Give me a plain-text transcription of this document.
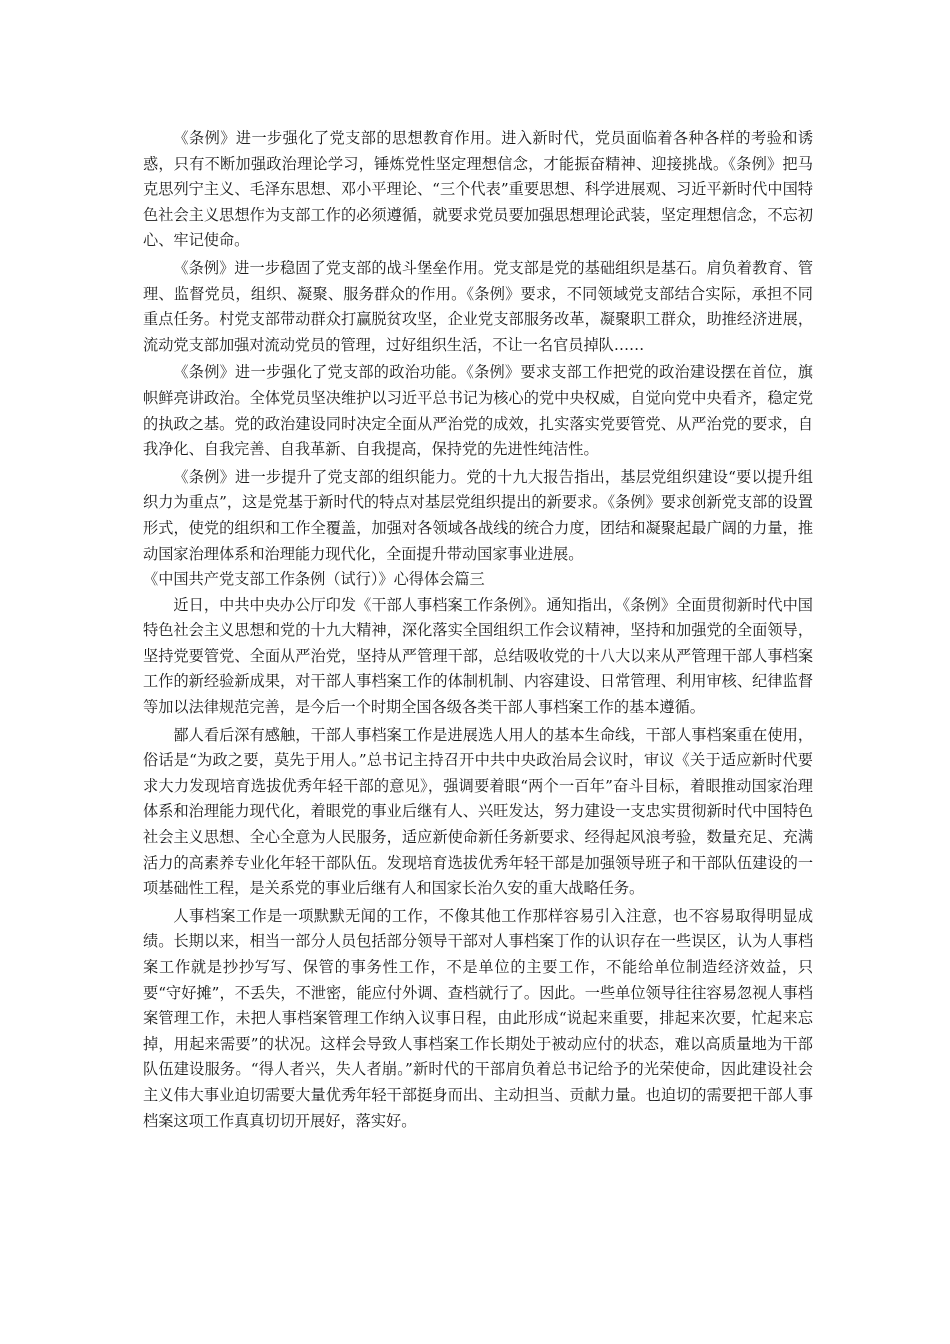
《条例》进一步强化了党支部的思想教育作用。进入新时代，党员面临着各种各样的考验和诱惑，只有不断加强政治理论学习，锤炼党性坚定理想信念，才能振奋精神、迎接挑战。《条例》把马克思列宁主义、毛泽东思想、邓小平理论、“三个代表”重要思想、科学进展观、习近平新时代中国特色社会主义思想作为支部工作的必须遵循，就要求党员要加强思想理论武装，坚定理想信念，不忘初心、牢记使命。

《条例》进一步稳固了党支部的战斗堡垒作用。党支部是党的基础组织是基石。肩负着教育、管理、监督党员，组织、凝聚、服务群众的作用。《条例》要求，不同领域党支部结合实际，承担不同重点任务。村党支部带动群众打赢脱贫攻坚，企业党支部服务改革，凝聚职工群众，助推经济进展，流动党支部加强对流动党员的管理，过好组织生活，不让一名官员掉队……

《条例》进一步强化了党支部的政治功能。《条例》要求支部工作把党的政治建设摆在首位，旗帜鲜亮讲政治。全体党员坚决维护以习近平总书记为核心的党中央权威，自觉向党中央看齐，稳定党的执政之基。党的政治建设同时决定全面从严治党的成效，扎实落实党要管党、从严治党的要求，自我净化、自我完善、自我革新、自我提高，保持党的先进性纯洁性。

《条例》进一步提升了党支部的组织能力。党的十九大报告指出，基层党组织建设“要以提升组织力为重点”，这是党基于新时代的特点对基层党组织提出的新要求。《条例》要求创新党支部的设置形式，使党的组织和工作全覆盖，加强对各领域各战线的统合力度，团结和凝聚起最广阔的力量，推动国家治理体系和治理能力现代化，全面提升带动国家事业进展。

《中国共产党支部工作条例（试行）》心得体会篇三

近日，中共中央办公厅印发《干部人事档案工作条例》。通知指出，《条例》全面贯彻新时代中国特色社会主义思想和党的十九大精神，深化落实全国组织工作会议精神，坚持和加强党的全面领导，坚持党要管党、全面从严治党，坚持从严管理干部，总结吸收党的十八大以来从严管理干部人事档案工作的新经验新成果，对干部人事档案工作的体制机制、内容建设、日常管理、利用审核、纪律监督等加以法律规范完善，是今后一个时期全国各级各类干部人事档案工作的基本遵循。

鄙人看后深有感触，干部人事档案工作是进展选人用人的基本生命线，干部人事档案重在使用，俗话是“为政之要，莫先于用人。”总书记主持召开中共中央政治局会议时，审议《关于适应新时代要求大力发现培育选拔优秀年轻干部的意见》，强调要着眼“两个一百年”奋斗目标，着眼推动国家治理体系和治理能力现代化，着眼党的事业后继有人、兴旺发达，努力建设一支忠实贯彻新时代中国特色社会主义思想、全心全意为人民服务，适应新使命新任务新要求、经得起风浪考验，数量充足、充满活力的高素养专业化年轻干部队伍。发现培育选拔优秀年轻干部是加强领导班子和干部队伍建设的一项基础性工程，是关系党的事业后继有人和国家长治久安的重大战略任务。

人事档案工作是一项默默无闻的工作，不像其他工作那样容易引入注意，也不容易取得明显成绩。长期以来，相当一部分人员包括部分领导干部对人事档案丁作的认识存在一些误区，认为人事档案工作就是抄抄写写、保管的事务性工作，不是单位的主要工作，不能给单位制造经济效益，只要“守好摊”，不丢失，不泄密，能应付外调、查档就行了。因此。一些单位领导往往容易忽视人事档案管理工作，未把人事档案管理工作纳入议事日程，由此形成“说起来重要，排起来次要，忙起来忘掉，用起来需要”的状况。这样会导致人事档案工作长期处于被动应付的状态，难以高质量地为干部队伍建设服务。“得人者兴，失人者崩。”新时代的干部肩负着总书记给予的光荣使命，因此建设社会主义伟大事业迫切需要大量优秀年轻干部挺身而出、主动担当、贡献力量。也迫切的需要把干部人事档案这项工作真真切切开展好，落实好。
